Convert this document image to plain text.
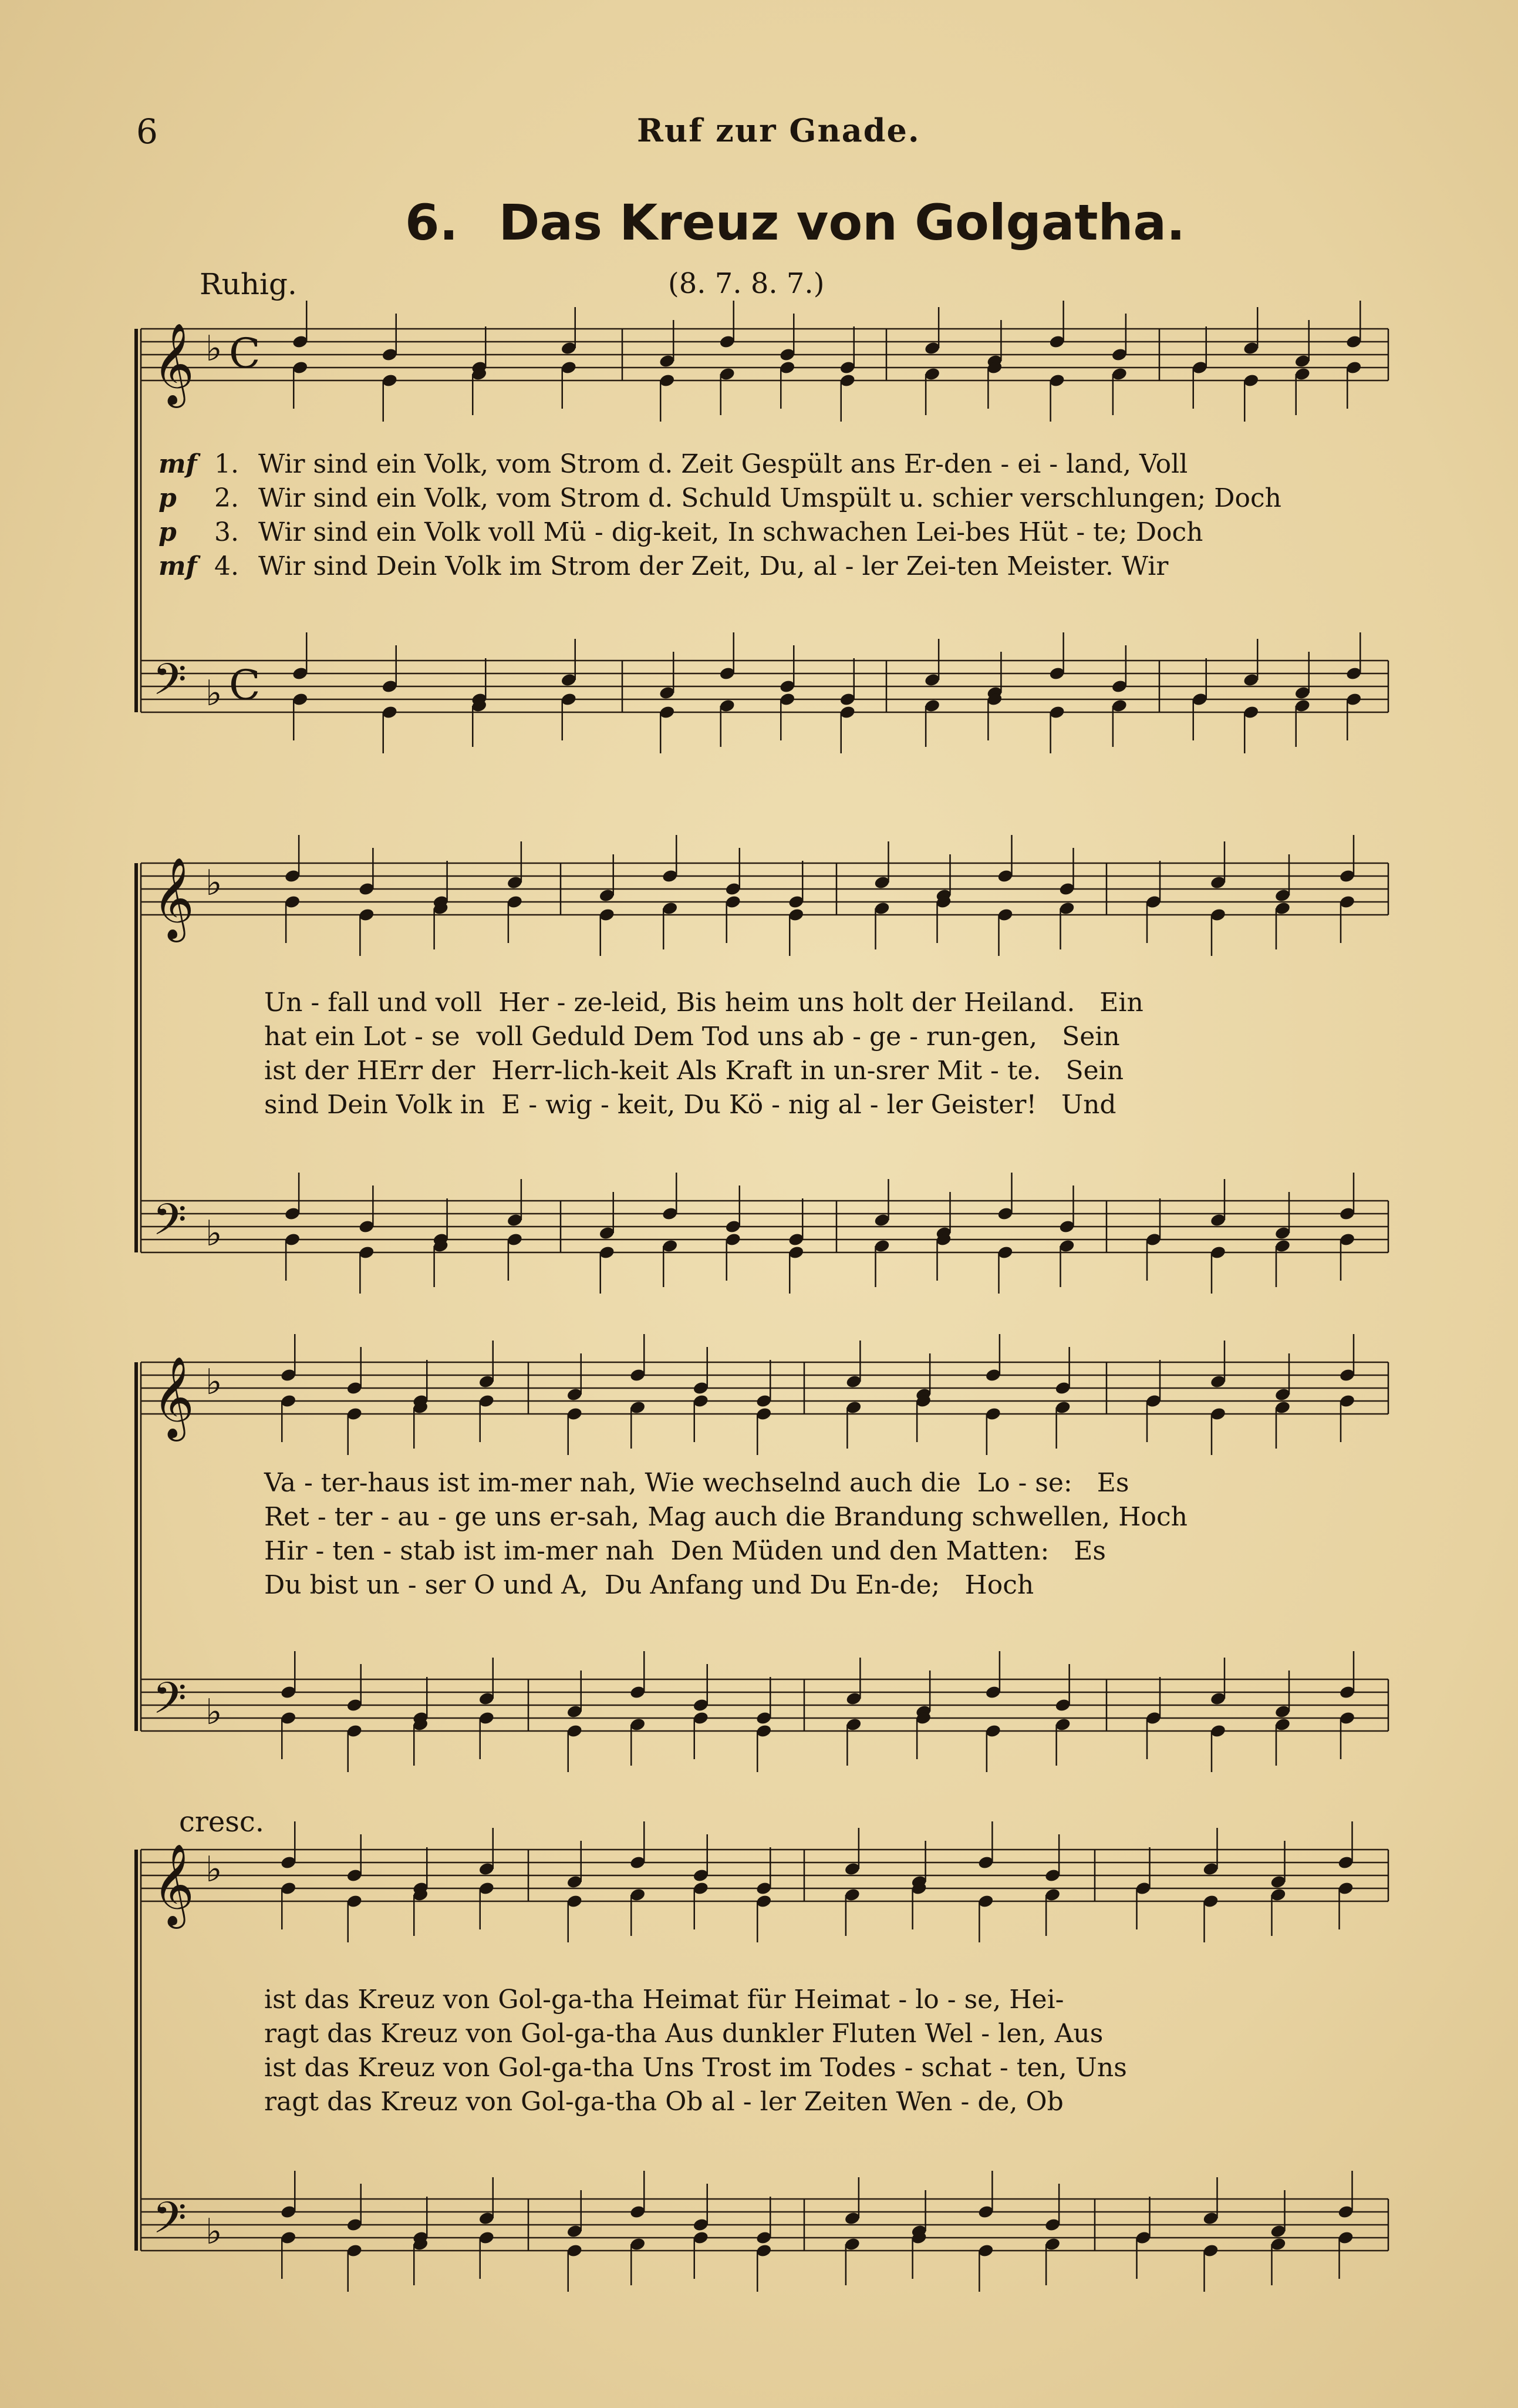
6	Ruf zur Gnade.
6. Das Kreuz von Golgatha.
Ruhig.	(8. 7. 8. 7.)
cresc.
𝄞
𝄢
♭
♭
C
C
𝄞
𝄢
♭
♭
𝄞
𝄢
♭
♭
𝄞
𝄢
♭
♭
mf 1. Wir sind ein Volk, vom Strom d. Zeit Gespült ans Er-den - ei - land, Voll
p 2. Wir sind ein Volk, vom Strom d. Schuld Umspült u. schier verschlungen; Doch
p 3. Wir sind ein Volk voll Mü - dig-keit, In schwachen Lei-bes Hüt - te; Doch
mf 4. Wir sind Dein Volk im Strom der Zeit, Du, al - ler Zei-ten Meister. Wir
Un - fall und voll  Her - ze-leid, Bis heim uns holt der Heiland.   Ein
hat ein Lot - se  voll Geduld Dem Tod uns ab - ge - run-gen,   Sein
ist der HErr der  Herr-lich-keit Als Kraft in un-srer Mit - te.   Sein
sind Dein Volk in  E - wig - keit, Du Kö - nig al - ler Geister!   Und
Va - ter-haus ist im-mer nah, Wie wechselnd auch die  Lo - se:   Es
Ret - ter - au - ge uns er-sah, Mag auch die Brandung schwellen, Hoch
Hir - ten - stab ist im-mer nah  Den Müden und den Matten:   Es
Du bist un - ser O und A,  Du Anfang und Du En-de;   Hoch
ist das Kreuz von Gol-ga-tha Heimat für Heimat - lo - se, Hei-
ragt das Kreuz von Gol-ga-tha Aus dunkler Fluten Wel - len, Aus
ist das Kreuz von Gol-ga-tha Uns Trost im Todes - schat - ten, Uns
ragt das Kreuz von Gol-ga-tha Ob al - ler Zeiten Wen - de, Ob
